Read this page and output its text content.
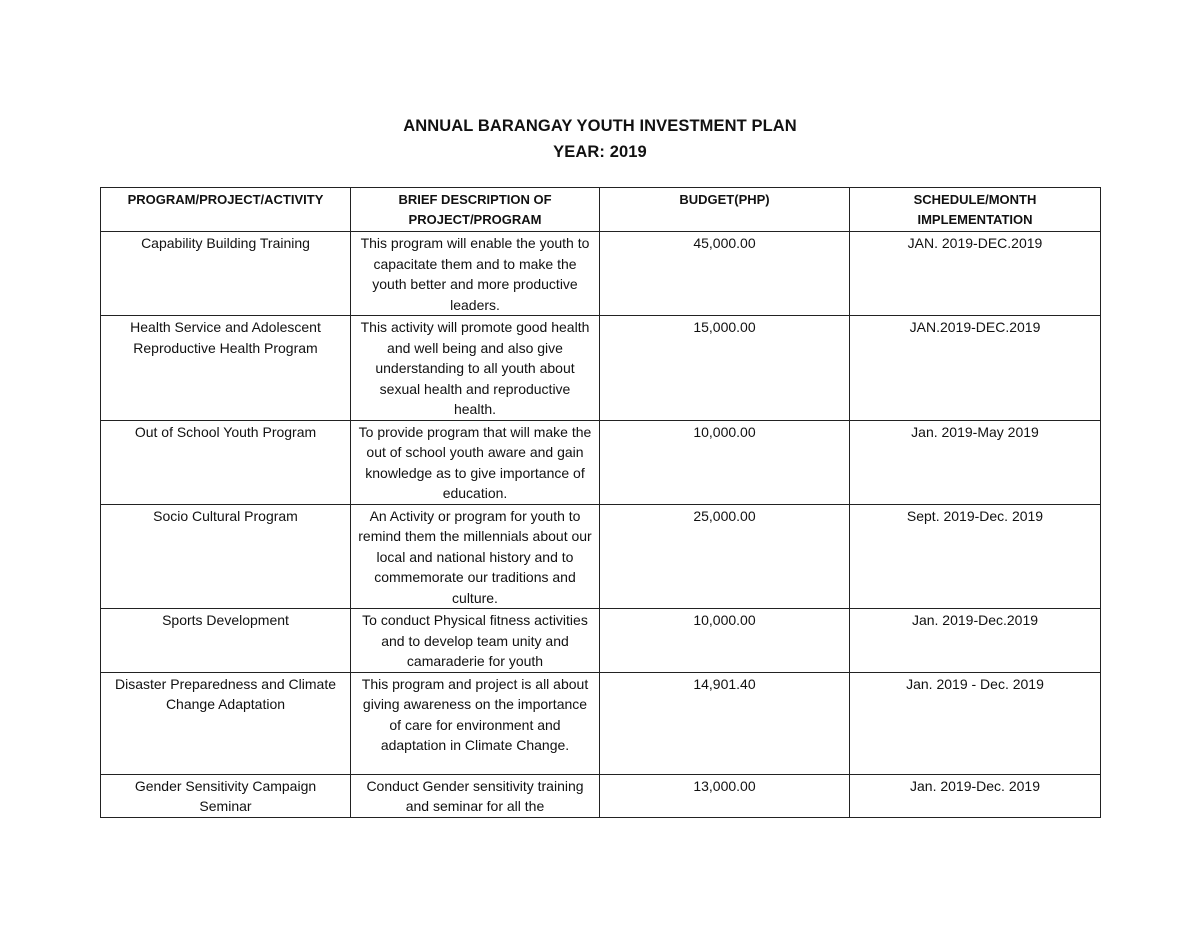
ANNUAL BARANGAY YOUTH INVESTMENT PLAN
YEAR: 2019
PROGRAM/PROJECT/ACTIVITY	BRIEF DESCRIPTION OF PROJECT/PROGRAM	BUDGET(PHP)	SCHEDULE/MONTH IMPLEMENTATION
Capability Building Training	This program will enable the youth to capacitate them and to make the youth better and more productive leaders.	45,000.00	JAN. 2019-DEC.2019
Health Service and Adolescent Reproductive Health Program	This activity will promote good health and well being and also give understanding to all youth about sexual health and reproductive health.	15,000.00	JAN.2019-DEC.2019
Out of School Youth Program	To provide program that will make the out of school youth aware and gain knowledge as to give importance of education.	10,000.00	Jan. 2019-May 2019
Socio Cultural Program	An Activity or program for youth to remind them the millennials about our local and national history and to commemorate our traditions and culture.	25,000.00	Sept. 2019-Dec. 2019
Sports Development	To conduct Physical fitness activities and to develop team unity and camaraderie for youth	10,000.00	Jan. 2019-Dec.2019
Disaster Preparedness and Climate Change Adaptation	This program and project is all about giving awareness on the importance of care for environment and adaptation in Climate Change.	14,901.40	Jan. 2019 - Dec. 2019
Gender Sensitivity Campaign Seminar	Conduct Gender sensitivity training and seminar for all the	13,000.00	Jan. 2019-Dec. 2019
